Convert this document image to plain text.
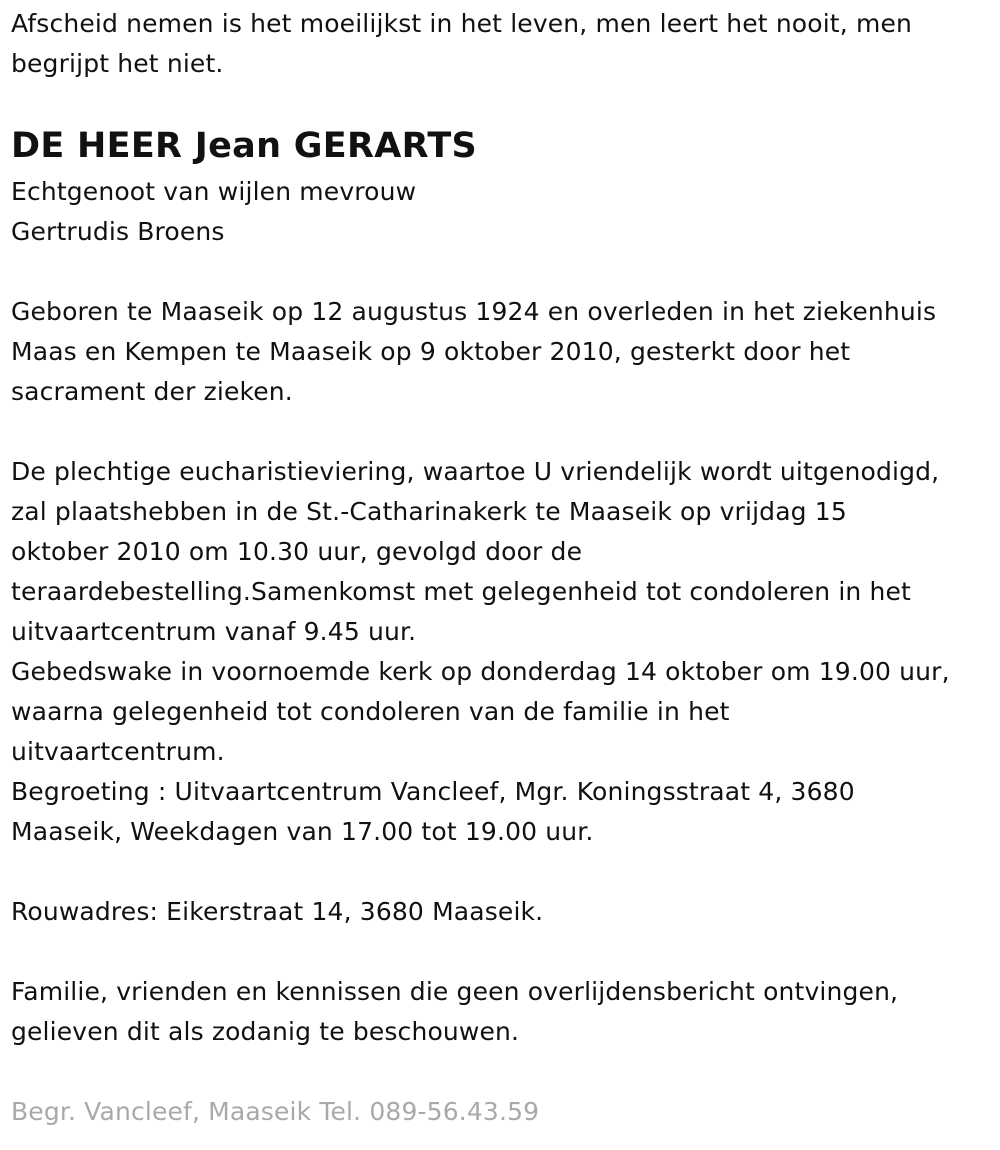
Afscheid nemen is het moeilijkst in het leven, men leert het nooit, men
begrijpt het niet.
DE HEER Jean GERARTS
Echtgenoot van wijlen mevrouw
Gertrudis Broens
Geboren te Maaseik op 12 augustus 1924 en overleden in het ziekenhuis
Maas en Kempen te Maaseik op 9 oktober 2010, gesterkt door het
sacrament der zieken.
De plechtige eucharistieviering, waartoe U vriendelijk wordt uitgenodigd,
zal plaatshebben in de St.-Catharinakerk te Maaseik op vrijdag 15
oktober 2010 om 10.30 uur, gevolgd door de
teraardebestelling.Samenkomst met gelegenheid tot condoleren in het
uitvaartcentrum vanaf 9.45 uur.
Gebedswake in voornoemde kerk op donderdag 14 oktober om 19.00 uur,
waarna gelegenheid tot condoleren van de familie in het
uitvaartcentrum.
Begroeting : Uitvaartcentrum Vancleef, Mgr. Koningsstraat 4, 3680
Maaseik, Weekdagen van 17.00 tot 19.00 uur.
Rouwadres: Eikerstraat 14, 3680 Maaseik.
Familie, vrienden en kennissen die geen overlijdensbericht ontvingen,
gelieven dit als zodanig te beschouwen.
Begr. Vancleef, Maaseik Tel. 089-56.43.59
